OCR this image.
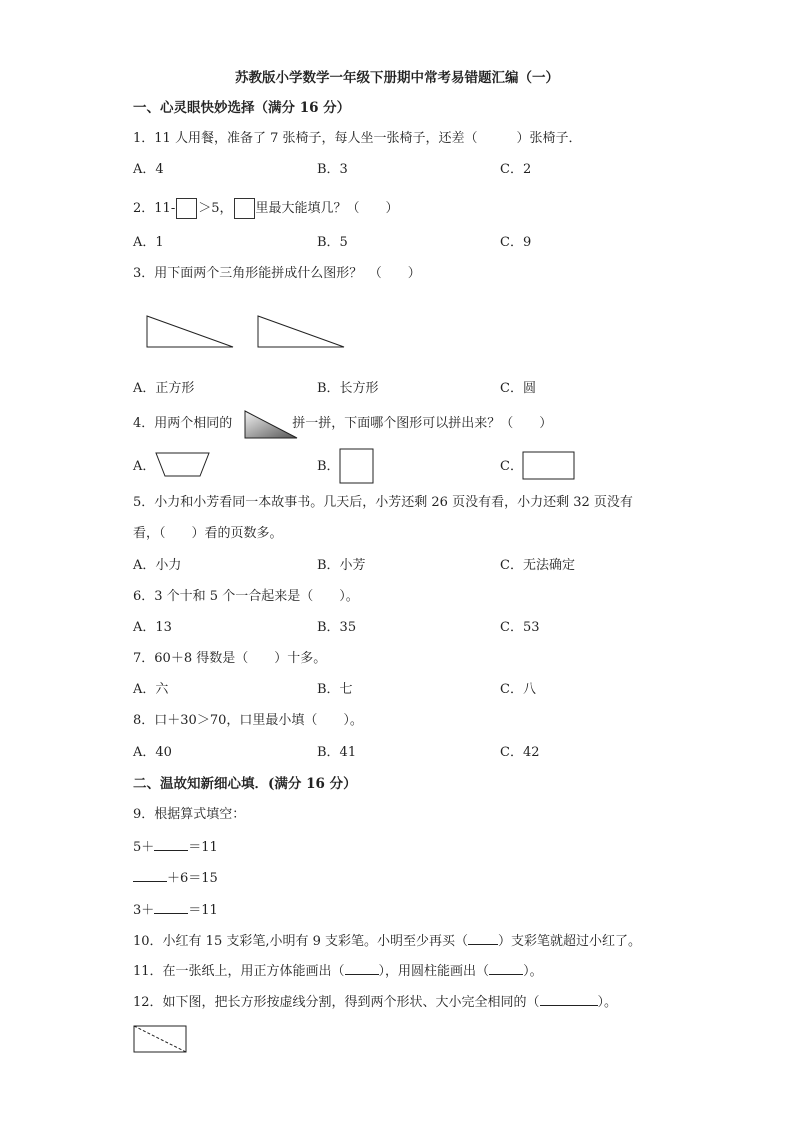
苏教版小学数学一年级下册期中常考易错题汇编（一）
一、心灵眼快妙选择（满分 16 分）
1．11 人用餐，准备了 7 张椅子，每人坐一张椅子，还差（　　　）张椅子．
A．4	B．3	C．2
2．11- ＞5， 里最大能填几？（　　）
A．1	B．5	C．9
3．用下面两个三角形能拼成什么图形？　（　　）
A．正方形	B．长方形	C．圆
4．用两个相同的	拼一拼，下面哪个图形可以拼出来？（　　）
A．	B．	C．
5．小力和小芳看同一本故事书。几天后，小芳还剩 26 页没有看，小力还剩 32 页没有
看，（　　）看的页数多。
A．小力	B．小芳	C．无法确定
6．3 个十和 5 个一合起来是（　　）。
A．13	B．35	C．53
7．60＋8 得数是（　　）十多。
A．六	B．七	C．八
8．口＋30＞70，口里最小填（　　）。
A．40	B．41	C．42
二、温故知新细心填．(满分 16 分）
9．根据算式填空：
5＋	＝11
＋6＝15
3＋	＝11
10．小红有 15 支彩笔,小明有 9 支彩笔。小明至少再买（ ）支彩笔就超过小红了。
11．在一张纸上，用正方体能画出（	），用圆柱能画出（	）。
12．如下图，把长方形按虚线分割，得到两个形状、大小完全相同的（	）。
